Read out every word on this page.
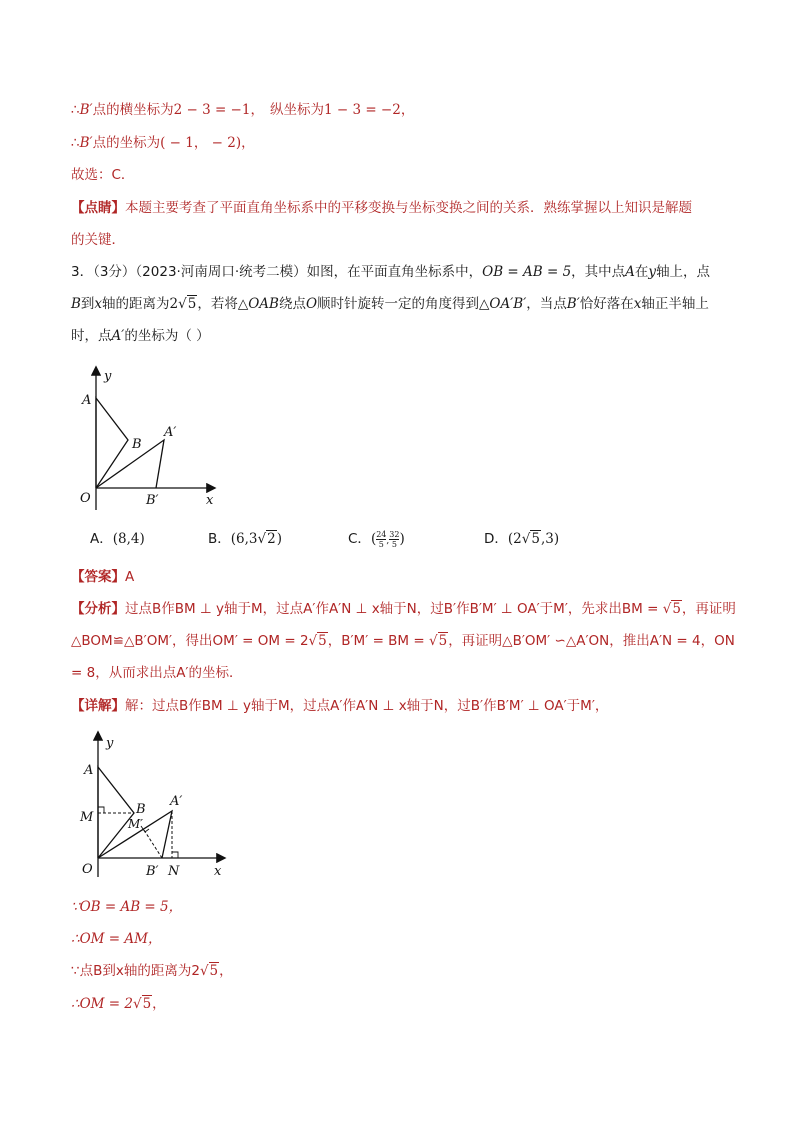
∴B′点的横坐标为2 − 3 = −1， 纵坐标为1 − 3 = −2，
∴B′点的坐标为( − 1， − 2)，
故选：C．
【点睛】本题主要考查了平面直角坐标系中的平移变换与坐标变换之间的关系．熟练掌握以上知识是解题
的关键．
3．（3分）（2023·河南周口·统考二模）如图，在平面直角坐标系中，OB = AB = 5，其中点A在y轴上，点
B到x轴的距离为2√5，若将△OAB绕点O顺时针旋转一定的角度得到△OA′B′，当点B′恰好落在x轴正半轴上
时，点A′的坐标为（ ）
y
x
O
A
B
A′
B′
A．(8,4)	B．(6,3√2)	C．( $\frac{24}{5}$ , $\frac{32}{5}$ )	D．(2√5,3)
【答案】A
【分析】过点B作BM ⊥ y轴于M，过点A′作A′N ⊥ x轴于N，过B′作B′M′ ⊥ OA′于M′，先求出BM = √5，再证明
△BOM≌△B′OM′，得出OM′ = OM = 2√5，B′M′ = BM = √5，再证明△B′OM′ ∽△A′ON，推出A′N = 4，ON
= 8，从而求出点A′的坐标．
【详解】解：过点B作BM ⊥ y轴于M，过点A′作A′N ⊥ x轴于N，过B′作B′M′ ⊥ OA′于M′，
y
x
O
A
B
A′
B′
M	M′
N
∵OB = AB = 5，
∴OM = AM，
∵点B到x轴的距离为2√5，
∴OM = 2√5，
